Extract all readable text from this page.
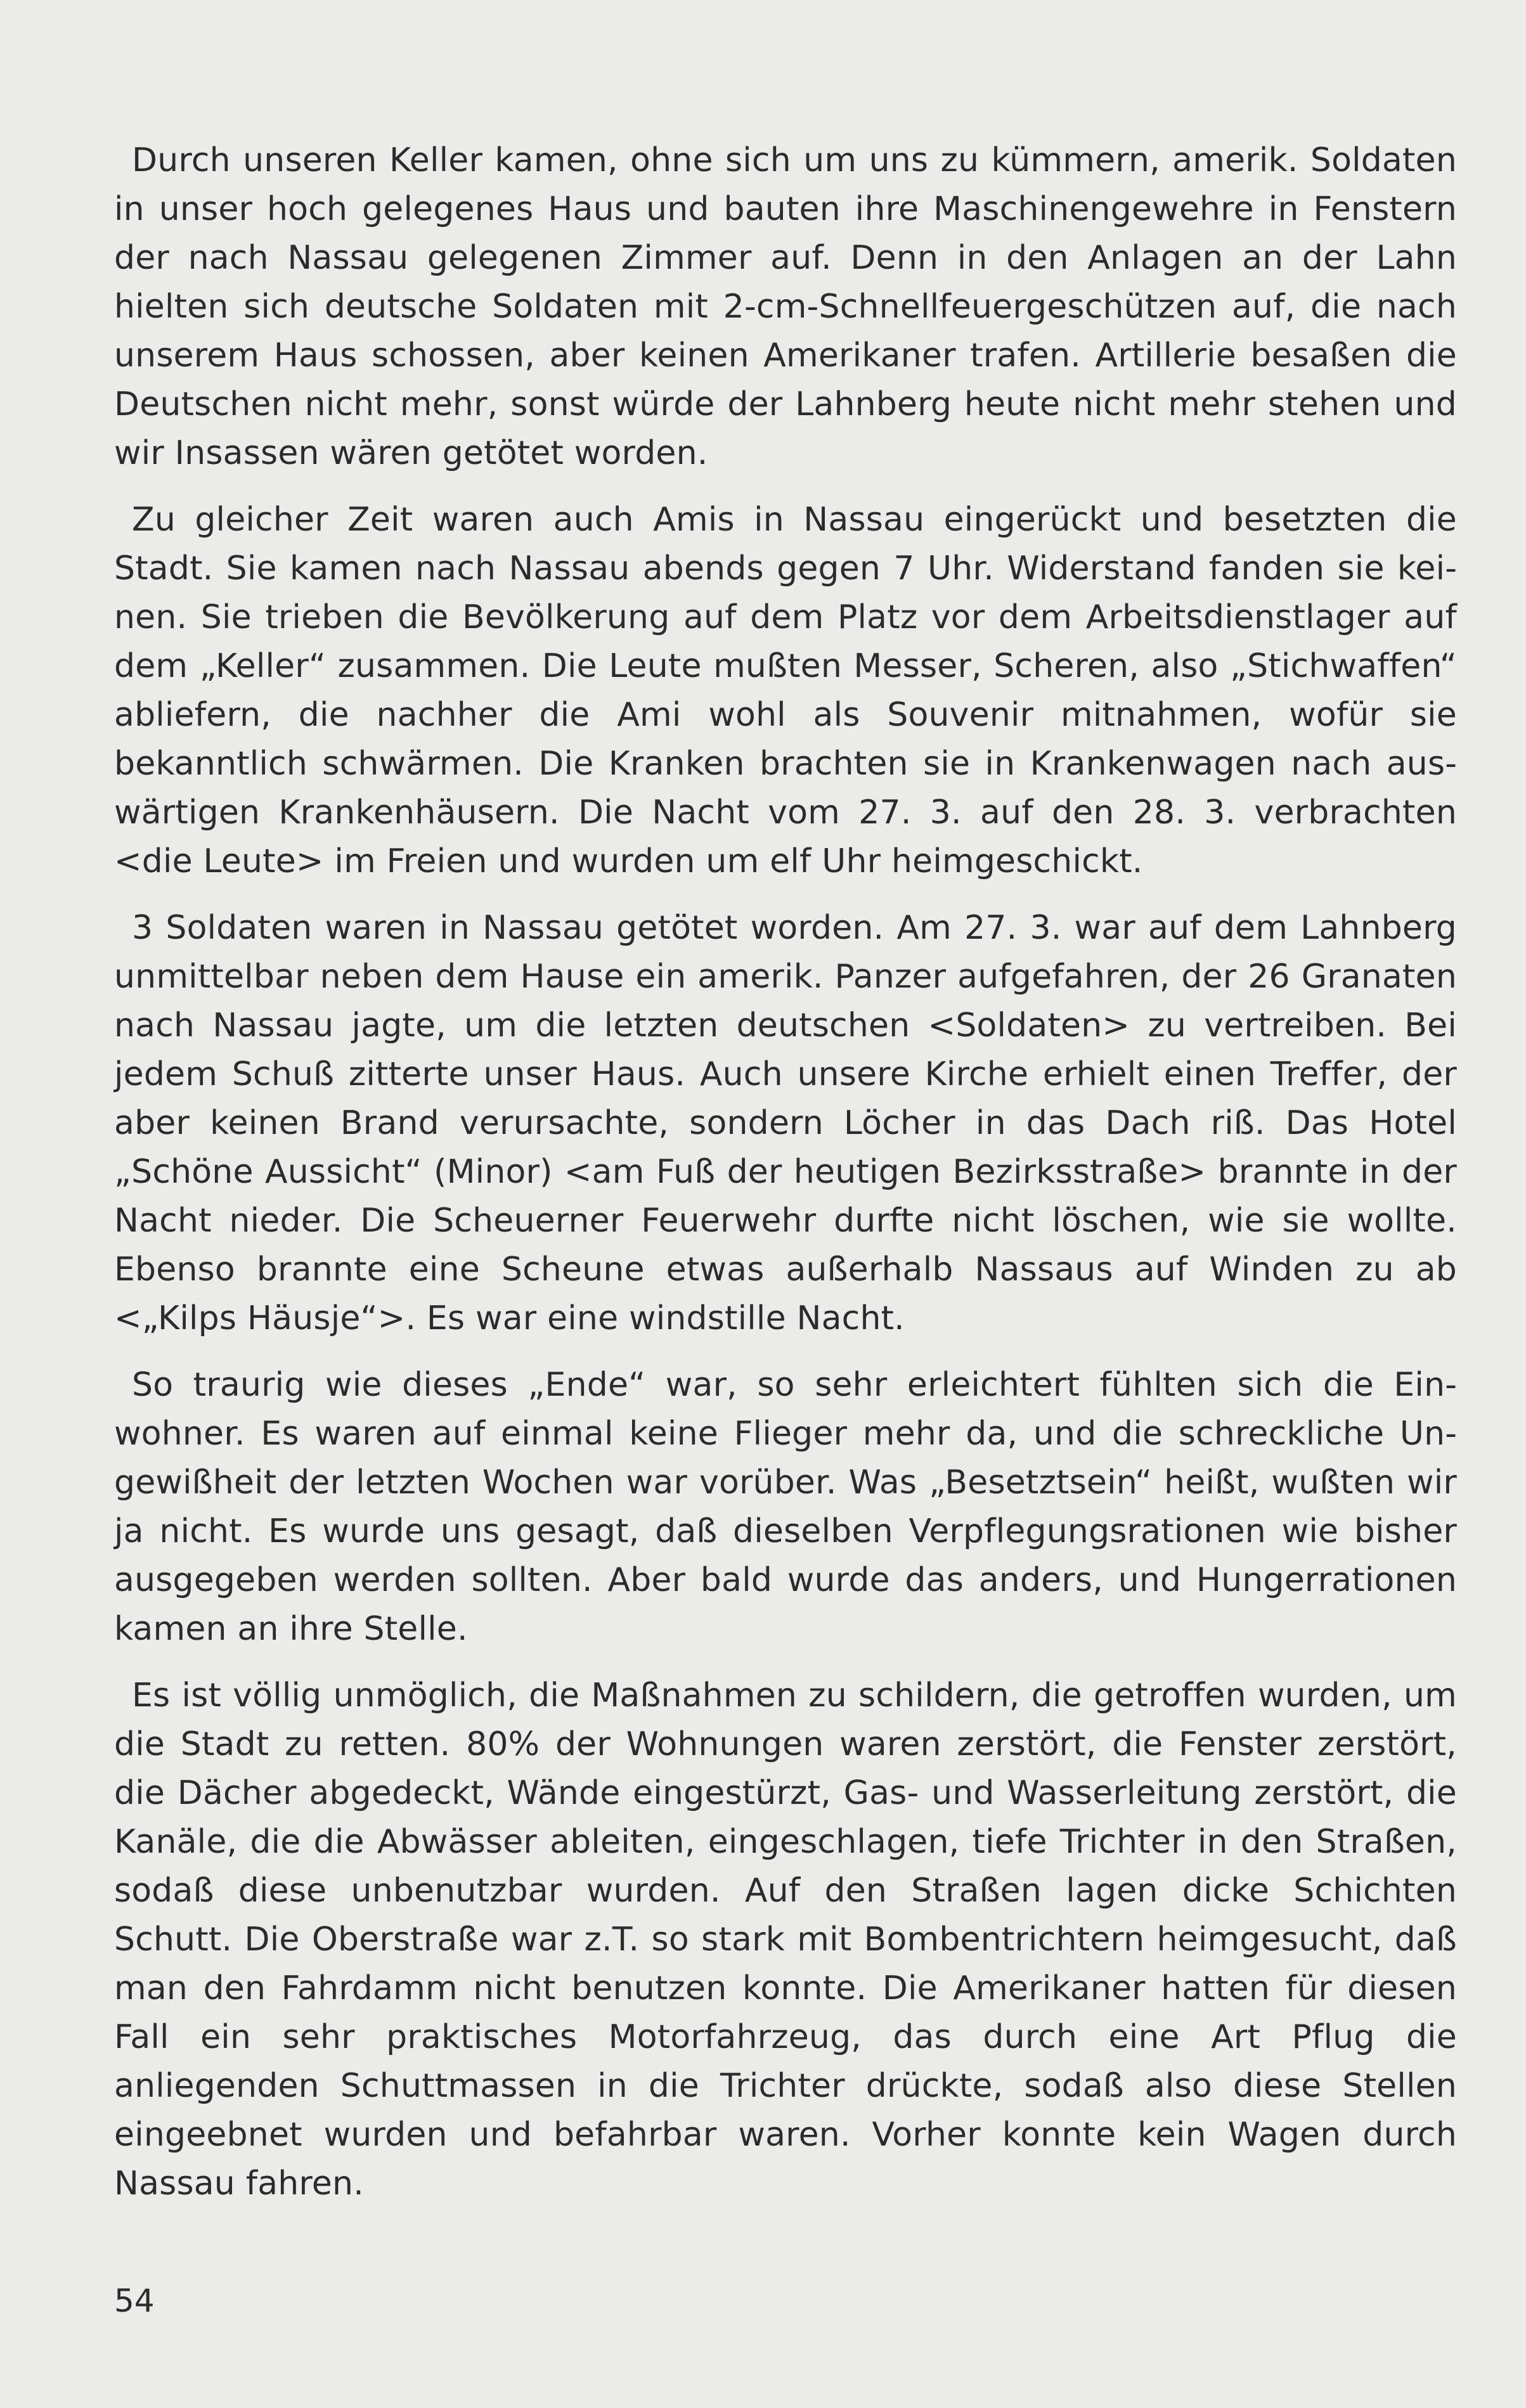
Durch unseren Keller kamen, ohne sich um uns zu kümmern, amerik. Soldaten in unser hoch gelegenes Haus und bauten ihre Maschinengewehre in Fenstern der nach Nassau gelegenen Zimmer auf. Denn in den Anlagen an der Lahn hielten sich deutsche Soldaten mit 2-cm-Schnellfeuergeschützen auf, die nach unserem Haus schossen, aber keinen Amerikaner trafen. Artillerie besaßen die Deutschen nicht mehr, sonst würde der Lahnberg heute nicht mehr stehen und wir Insassen wären getötet worden.

Zu gleicher Zeit waren auch Amis in Nassau eingerückt und besetzten die Stadt. Sie kamen nach Nassau abends gegen 7 Uhr. Widerstand fanden sie keinen. Sie trieben die Bevölkerung auf dem Platz vor dem Arbeitsdienstlager auf dem „Keller“ zusammen. Die Leute mußten Messer, Scheren, also „Stichwaffen“ abliefern, die nachher die Ami wohl als Souvenir mitnahmen, wofür sie bekanntlich schwärmen. Die Kranken brachten sie in Krankenwagen nach auswärtigen Krankenhäusern. Die Nacht vom 27. 3. auf den 28. 3. verbrachten <die Leute> im Freien und wurden um elf Uhr heimgeschickt.

3 Soldaten waren in Nassau getötet worden. Am 27. 3. war auf dem Lahnberg unmittelbar neben dem Hause ein amerik. Panzer aufgefahren, der 26 Granaten nach Nassau jagte, um die letzten deutschen <Soldaten> zu vertreiben. Bei jedem Schuß zitterte unser Haus. Auch unsere Kirche erhielt einen Treffer, der aber keinen Brand verursachte, sondern Löcher in das Dach riß. Das Hotel „Schöne Aussicht“ (Minor) <am Fuß der heutigen Bezirksstraße> brannte in der Nacht nieder. Die Scheuerner Feuerwehr durfte nicht löschen, wie sie wollte. Ebenso brannte eine Scheune etwas außerhalb Nassaus auf Winden zu ab <„Kilps Häusje“>. Es war eine windstille Nacht.

So traurig wie dieses „Ende“ war, so sehr erleichtert fühlten sich die Einwohner. Es waren auf einmal keine Flieger mehr da, und die schreckliche Ungewißheit der letzten Wochen war vorüber. Was „Besetztsein“ heißt, wußten wir ja nicht. Es wurde uns gesagt, daß dieselben Verpflegungsrationen wie bisher ausgegeben werden sollten. Aber bald wurde das anders, und Hungerrationen kamen an ihre Stelle.

Es ist völlig unmöglich, die Maßnahmen zu schildern, die getroffen wurden, um die Stadt zu retten. 80% der Wohnungen waren zerstört, die Fenster zerstört, die Dächer abgedeckt, Wände eingestürzt, Gas- und Wasserleitung zerstört, die Kanäle, die die Abwässer ableiten, eingeschlagen, tiefe Trichter in den Straßen, sodaß diese unbenutzbar wurden. Auf den Straßen lagen dicke Schichten Schutt. Die Oberstraße war z.T. so stark mit Bombentrichtern heimgesucht, daß man den Fahrdamm nicht benutzen konnte. Die Amerikaner hatten für diesen Fall ein sehr praktisches Motorfahrzeug, das durch eine Art Pflug die anliegenden Schuttmassen in die Trichter drückte, sodaß also diese Stellen eingeebnet wurden und befahrbar waren. Vorher konnte kein Wagen durch Nassau fahren.

54
